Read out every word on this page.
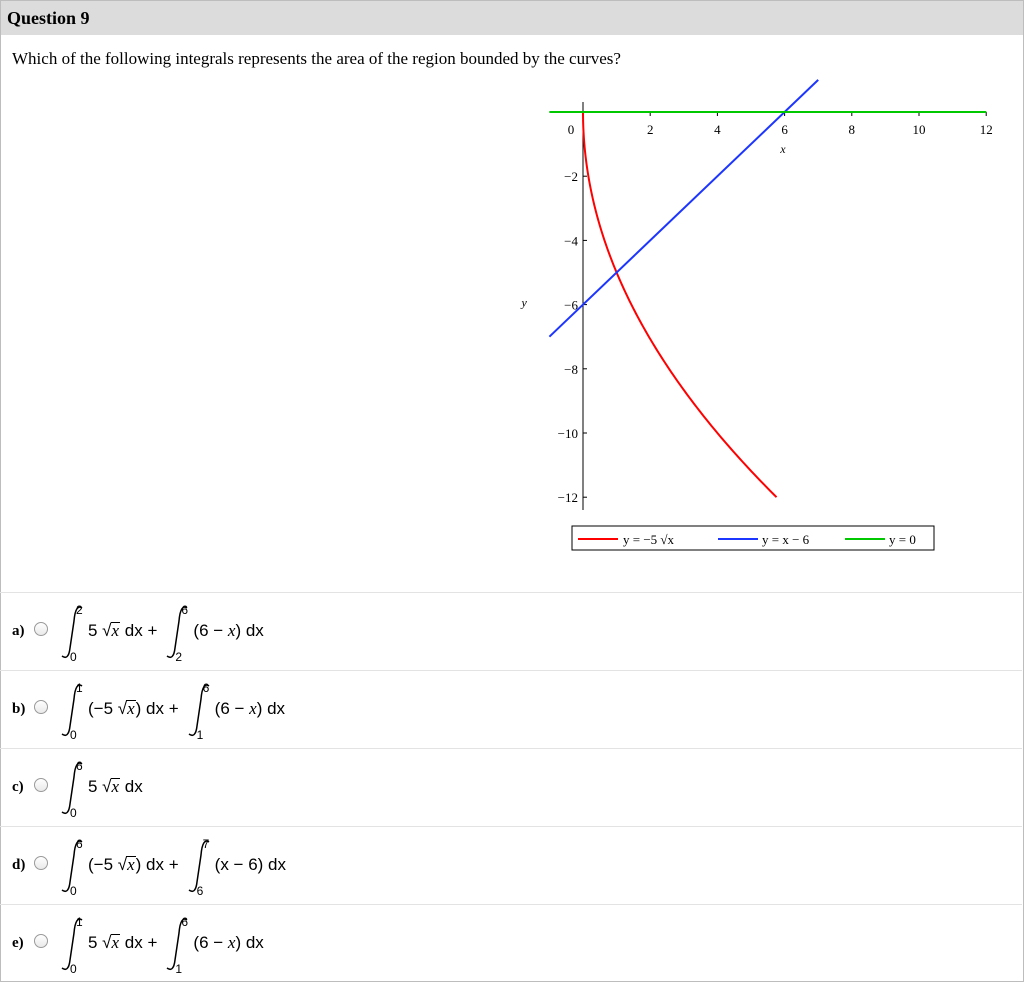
Question 9
Which of the following integrals represents the area of the region bounded by the curves?
0	2	4	6	8	10	12
−2
−4
−6
−8
−10
−12
x
y
y = −5 √x	y = x − 6	y = 0
a)
2
0
5 √x dx +
6
2
(6 − x) dx
b)
1
0
(−5 √x) dx +
6
1
(6 − x) dx
c)
6
0
5 √x dx
d)
6
0
(−5 √x) dx +
7
6
(x − 6) dx
e)
1
0
5 √x dx +
6
1
(6 − x) dx
